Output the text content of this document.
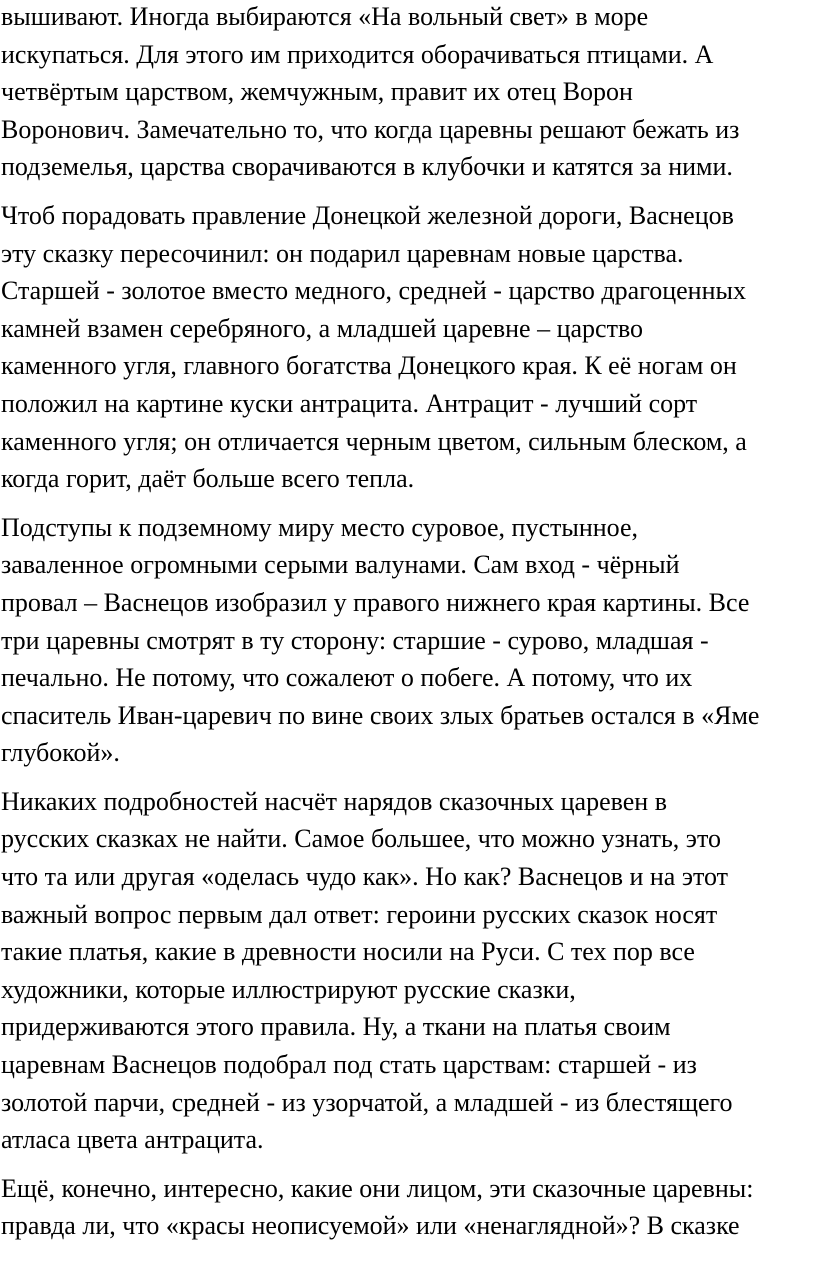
вышивают. Иногда выбираются «На вольный свет» в море
искупаться. Для этого им приходится оборачиваться птицами. А
четвёртым царством, жемчужным, правит их отец Ворон
Воронович. Замечательно то, что когда царевны решают бежать из
подземелья, царства сворачиваются в клубочки и катятся за ними.

Чтоб порадовать правление Донецкой железной дороги, Васнецов
эту сказку пересочинил: он подарил царевнам новые царства.
Старшей - золотое вместо медного, средней - царство драгоценных
камней взамен серебряного, а младшей царевне – царство
каменного угля, главного богатства Донецкого края. К её ногам он
положил на картине куски антрацита. Антрацит - лучший сорт
каменного угля; он отличается черным цветом, сильным блеском, а
когда горит, даёт больше всего тепла.

Подступы к подземному миру место суровое, пустынное,
заваленное огромными серыми валунами. Сам вход - чёрный
провал – Васнецов изобразил у правого нижнего края картины. Все
три царевны смотрят в ту сторону: старшие - сурово, младшая -
печально. Не потому, что сожалеют о побеге. А потому, что их
спаситель Иван-царевич по вине своих злых братьев остался в «Яме
глубокой».

Никаких подробностей насчёт нарядов сказочных царевен в
русских сказках не найти. Самое большее, что можно узнать, это
что та или другая «оделась чудо как». Но как? Васнецов и на этот
важный вопрос первым дал ответ: героини русских сказок носят
такие платья, какие в древности носили на Руси. С тех пор все
художники, которые иллюстрируют русские сказки,
придерживаются этого правила. Ну, а ткани на платья своим
царевнам Васнецов подобрал под стать царствам: старшей - из
золотой парчи, средней - из узорчатой, а младшей - из блестящего
атласа цвета антрацита.

Ещё, конечно, интересно, какие они лицом, эти сказочные царевны:
правда ли, что «красы неописуемой» или «ненаглядной»? В сказке
